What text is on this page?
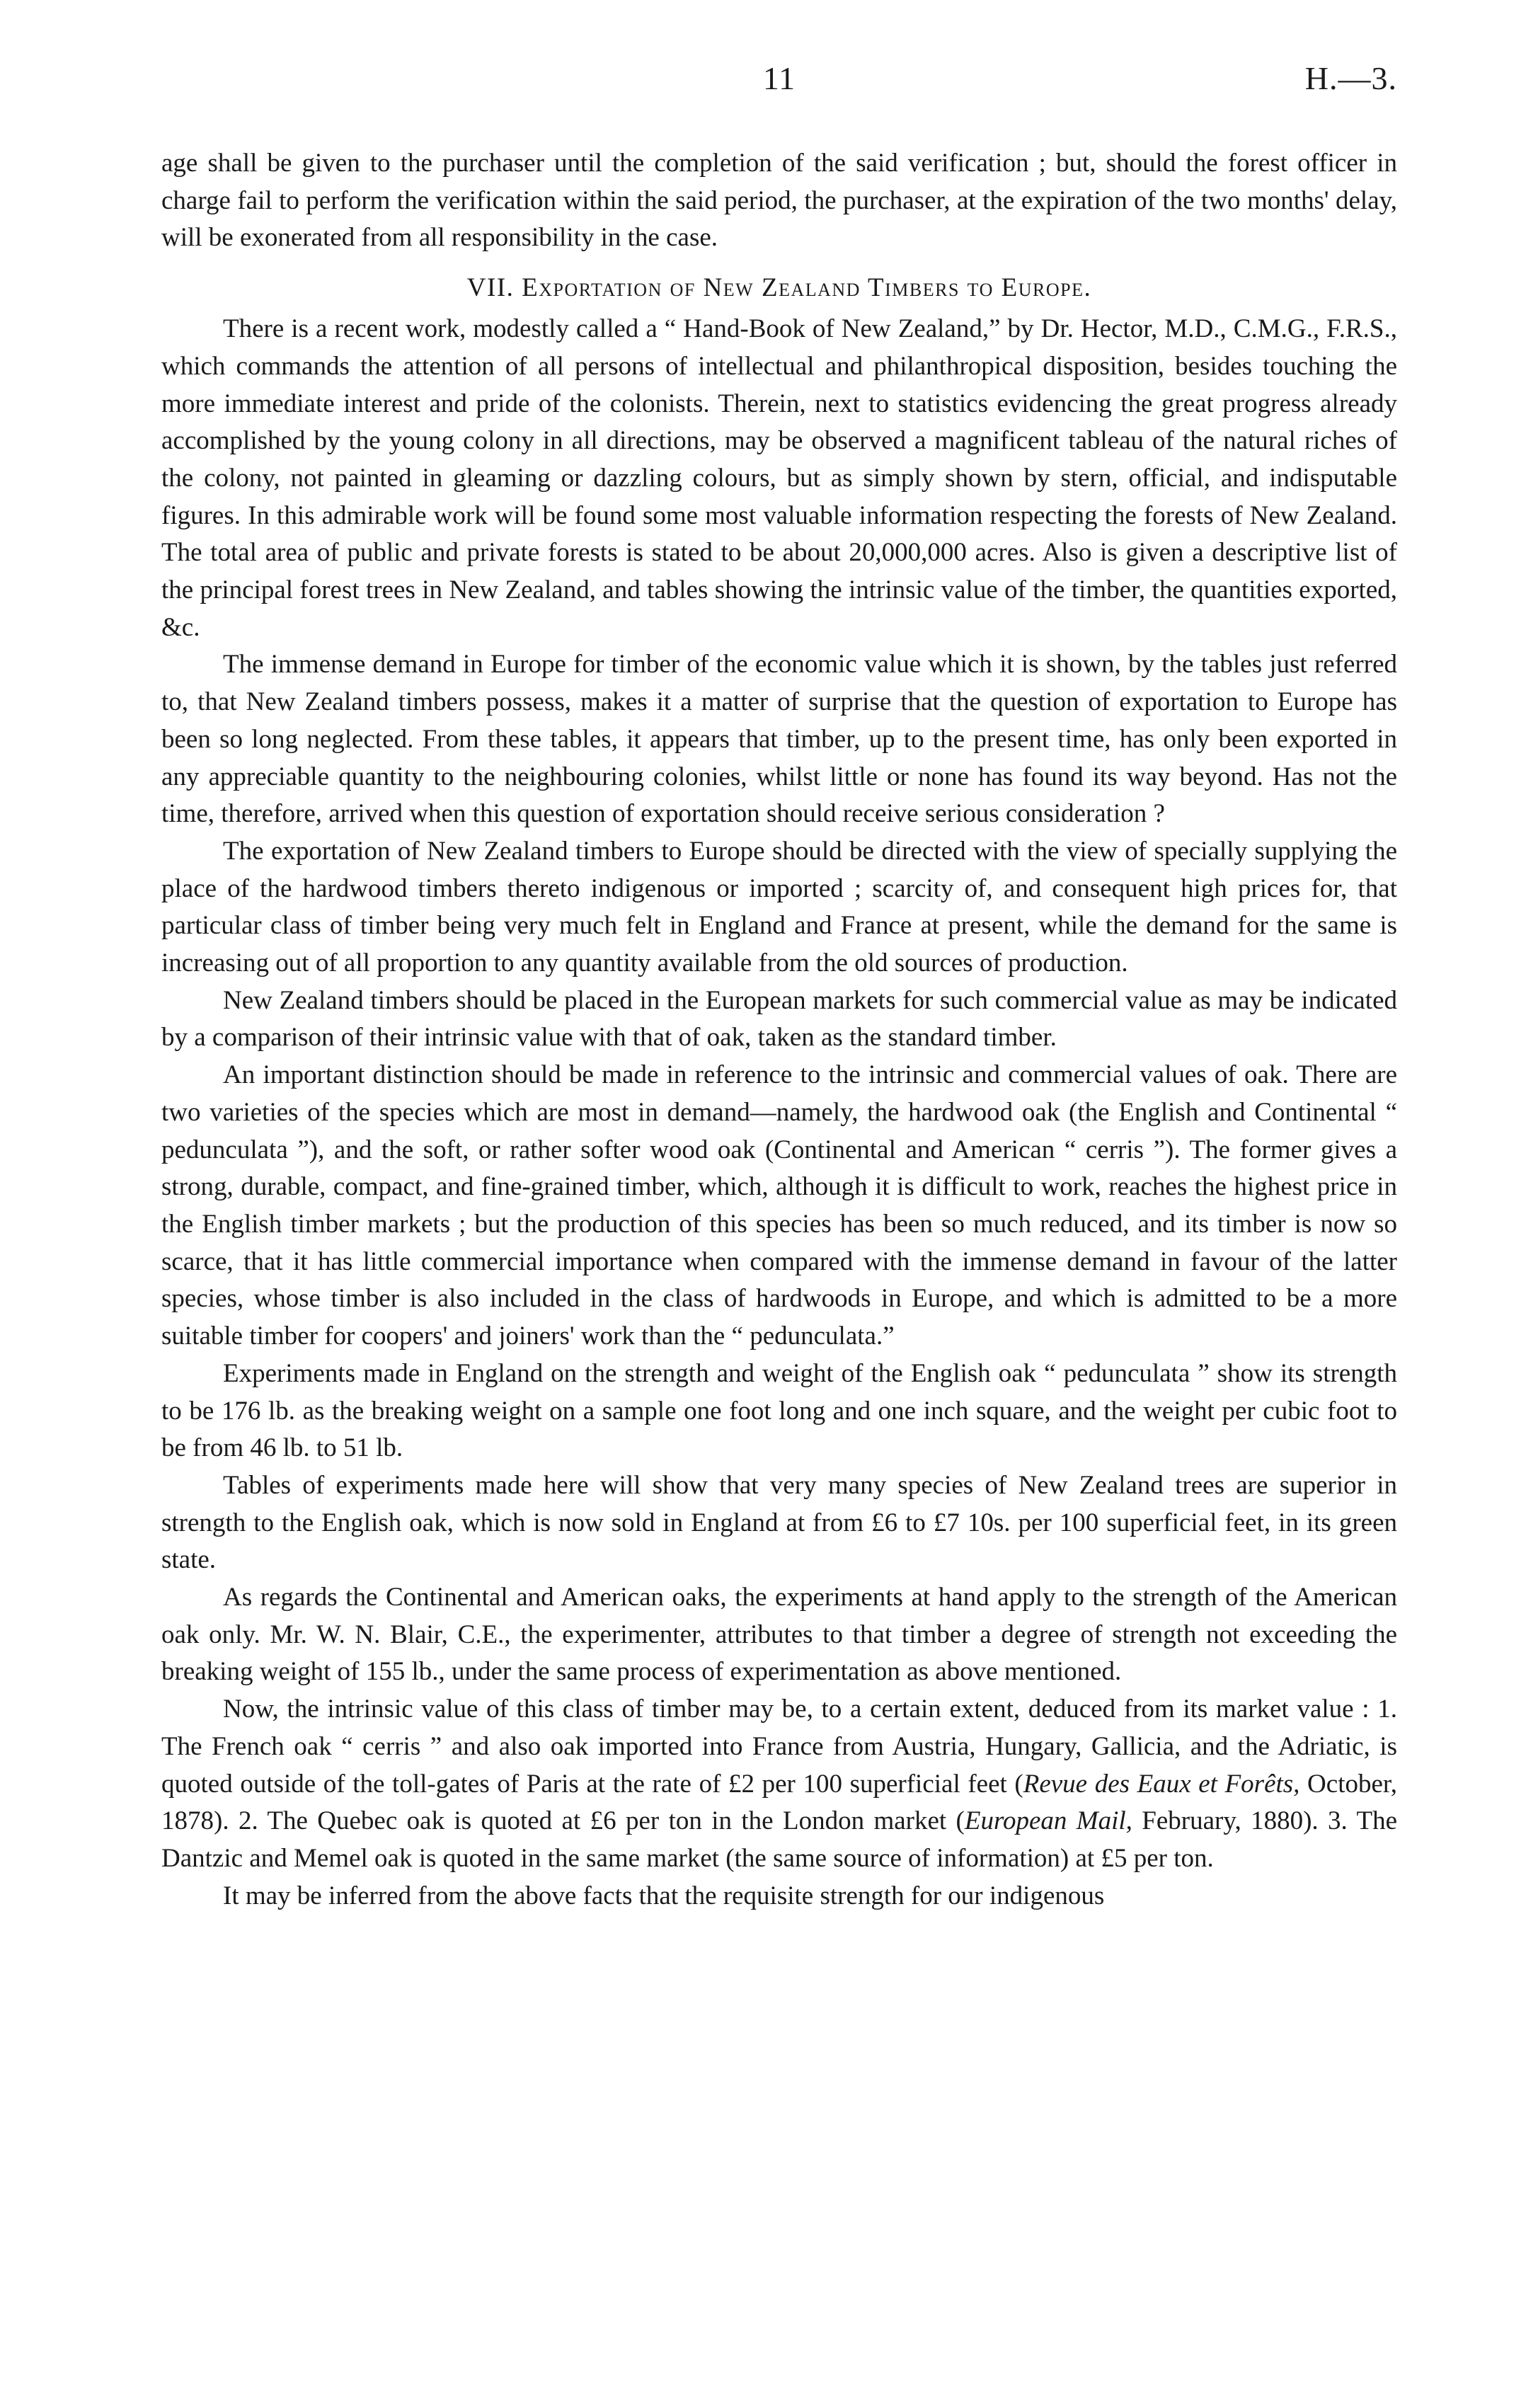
11	H.—3.

age shall be given to the purchaser until the completion of the said verification ; but, should the forest officer in charge fail to perform the verification within the said period, the purchaser, at the expiration of the two months' delay, will be exonerated from all responsibility in the case.

VII. Exportation of New Zealand Timbers to Europe.

There is a recent work, modestly called a “ Hand-Book of New Zealand,” by Dr. Hector, M.D., C.M.G., F.R.S., which commands the attention of all persons of intellectual and philanthropical disposition, besides touching the more immediate interest and pride of the colonists. Therein, next to statistics evidencing the great progress already accomplished by the young colony in all directions, may be observed a magnificent tableau of the natural riches of the colony, not painted in gleaming or dazzling colours, but as simply shown by stern, official, and indisputable figures. In this admirable work will be found some most valuable information respecting the forests of New Zealand. The total area of public and private forests is stated to be about 20,000,000 acres. Also is given a descriptive list of the principal forest trees in New Zealand, and tables showing the intrinsic value of the timber, the quantities exported, &c.

The immense demand in Europe for timber of the economic value which it is shown, by the tables just referred to, that New Zealand timbers possess, makes it a matter of surprise that the question of exportation to Europe has been so long neglected. From these tables, it appears that timber, up to the present time, has only been exported in any appreciable quantity to the neighbouring colonies, whilst little or none has found its way beyond. Has not the time, therefore, arrived when this question of exportation should receive serious consideration ?

The exportation of New Zealand timbers to Europe should be directed with the view of specially supplying the place of the hardwood timbers thereto indigenous or imported ; scarcity of, and consequent high prices for, that particular class of timber being very much felt in England and France at present, while the demand for the same is increasing out of all proportion to any quantity available from the old sources of production.

New Zealand timbers should be placed in the European markets for such commercial value as may be indicated by a comparison of their intrinsic value with that of oak, taken as the standard timber.

An important distinction should be made in reference to the intrinsic and commercial values of oak. There are two varieties of the species which are most in demand—namely, the hardwood oak (the English and Continental “ pedunculata ”), and the soft, or rather softer wood oak (Continental and American “ cerris ”). The former gives a strong, durable, compact, and fine-grained timber, which, although it is difficult to work, reaches the highest price in the English timber markets ; but the production of this species has been so much reduced, and its timber is now so scarce, that it has little commercial importance when compared with the immense demand in favour of the latter species, whose timber is also included in the class of hardwoods in Europe, and which is admitted to be a more suitable timber for coopers' and joiners' work than the “ pedunculata.”

Experiments made in England on the strength and weight of the English oak “ pedunculata ” show its strength to be 176 lb. as the breaking weight on a sample one foot long and one inch square, and the weight per cubic foot to be from 46 lb. to 51 lb.

Tables of experiments made here will show that very many species of New Zealand trees are superior in strength to the English oak, which is now sold in England at from £6 to £7 10s. per 100 superficial feet, in its green state.

As regards the Continental and American oaks, the experiments at hand apply to the strength of the American oak only. Mr. W. N. Blair, C.E., the experimenter, attributes to that timber a degree of strength not exceeding the breaking weight of 155 lb., under the same process of experimentation as above mentioned.

Now, the intrinsic value of this class of timber may be, to a certain extent, deduced from its market value : 1. The French oak “ cerris ” and also oak imported into France from Austria, Hungary, Gallicia, and the Adriatic, is quoted outside of the toll-gates of Paris at the rate of £2 per 100 superficial feet (Revue des Eaux et Forêts, October, 1878). 2. The Quebec oak is quoted at £6 per ton in the London market (European Mail, February, 1880). 3. The Dantzic and Memel oak is quoted in the same market (the same source of information) at £5 per ton.

It may be inferred from the above facts that the requisite strength for our indigenous
